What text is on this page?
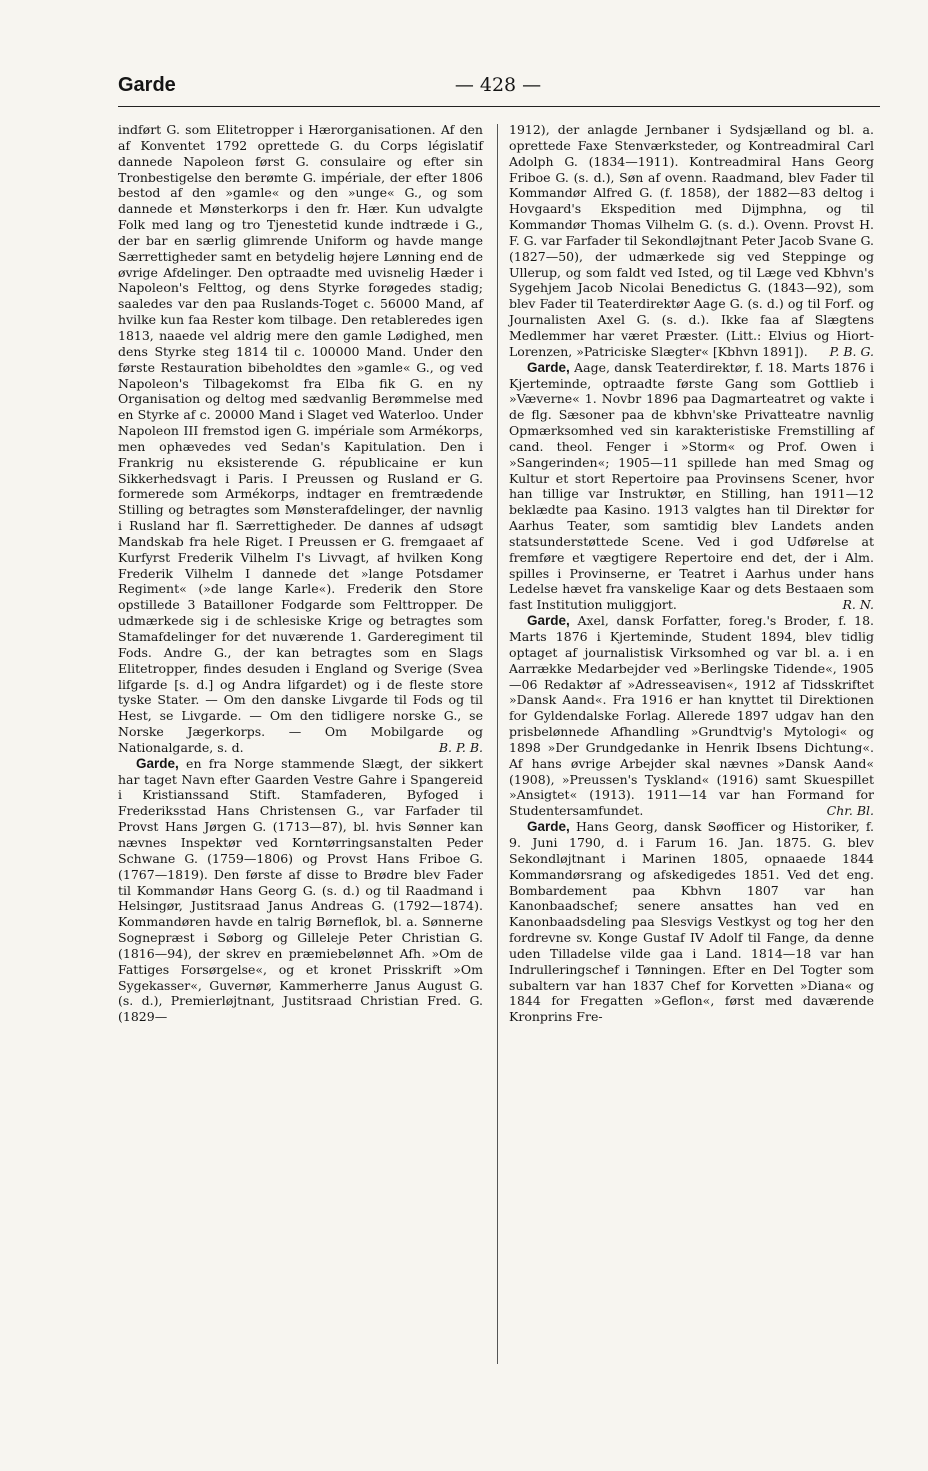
Garde	— 428 —

indført G. som Elitetropper i Hærorganisationen. Af den af Konventet 1792 oprettede G. du Corps législatif dannede Napoleon først G. consulaire og efter sin Tronbestigelse den berømte G. impériale, der efter 1806 bestod af den »gamle« og den »unge« G., og som dannede et Mønsterkorps i den fr. Hær. Kun udvalgte Folk med lang og tro Tjenestetid kunde indtræde i G., der bar en særlig glimrende Uniform og havde mange Særrettigheder samt en betydelig højere Lønning end de øvrige Afdelinger. Den optraadte med uvisnelig Hæder i Napoleon's Felttog, og dens Styrke forøgedes stadig; saaledes var den paa Ruslands-Toget c. 56000 Mand, af hvilke kun faa Rester kom tilbage. Den retableredes igen 1813, naaede vel aldrig mere den gamle Lødighed, men dens Styrke steg 1814 til c. 100000 Mand. Under den første Restauration bibeholdtes den »gamle« G., og ved Napoleon's Tilbagekomst fra Elba fik G. en ny Organisation og deltog med sædvanlig Berømmelse med en Styrke af c. 20000 Mand i Slaget ved Waterloo. Under Napoleon III fremstod igen G. impériale som Armékorps, men ophævedes ved Sedan's Kapitulation. Den i Frankrig nu eksisterende G. républicaine er kun Sikkerhedsvagt i Paris. I Preussen og Rusland er G. formerede som Armékorps, indtager en fremtrædende Stilling og betragtes som Mønsterafdelinger, der navnlig i Rusland har fl. Særrettigheder. De dannes af udsøgt Mandskab fra hele Riget. I Preussen er G. fremgaaet af Kurfyrst Frederik Vilhelm I's Livvagt, af hvilken Kong Frederik Vilhelm I dannede det »lange Potsdamer Regiment« (»de lange Karle«). Frederik den Store opstillede 3 Batailloner Fodgarde som Felttropper. De udmærkede sig i de schlesiske Krige og betragtes som Stamafdelinger for det nuværende 1. Garderegiment til Fods. Andre G., der kan betragtes som en Slags Elitetropper, findes desuden i England og Sverige (Svea lifgarde [s. d.] og Andra lifgardet) og i de fleste store tyske Stater. — Om den danske Livgarde til Fods og til Hest, se Livgarde. — Om den tidligere norske G., se Norske Jægerkorps. — Om Mobilgarde og Nationalgarde, s. d.	B. P. B.

Garde, en fra Norge stammende Slægt, der sikkert har taget Navn efter Gaarden Vestre Gahre i Spangereid i Kristianssand Stift. Stamfaderen, Byfoged i Frederiksstad Hans Christensen G., var Farfader til Provst Hans Jørgen G. (1713—87), bl. hvis Sønner kan nævnes Inspektør ved Korntørringsanstalten Peder Schwane G. (1759—1806) og Provst Hans Friboe G. (1767—1819). Den første af disse to Brødre blev Fader til Kommandør Hans Georg G. (s. d.) og til Raadmand i Helsingør, Justitsraad Janus Andreas G. (1792—1874). Kommandøren havde en talrig Børneflok, bl. a. Sønnerne Sognepræst i Søborg og Gilleleje Peter Christian G. (1816—94), der skrev en præmiebelønnet Afh. »Om de Fattiges Forsørgelse«, og et kronet Prisskrift »Om Sygekasser«, Guvernør, Kammerherre Janus August G. (s. d.), Premierløjtnant, Justitsraad Christian Fred. G. (1829—

1912), der anlagde Jernbaner i Sydsjælland og bl. a. oprettede Faxe Stenværksteder, og Kontreadmiral Carl Adolph G. (1834—1911). Kontreadmiral Hans Georg Friboe G. (s. d.), Søn af ovenn. Raadmand, blev Fader til Kommandør Alfred G. (f. 1858), der 1882—83 deltog i Hovgaard's Ekspedition med Dijmphna, og til Kommandør Thomas Vilhelm G. (s. d.). Ovenn. Provst H. F. G. var Farfader til Sekondløjtnant Peter Jacob Svane G. (1827—50), der udmærkede sig ved Steppinge og Ullerup, og som faldt ved Isted, og til Læge ved Kbhvn's Sygehjem Jacob Nicolai Benedictus G. (1843—92), som blev Fader til Teaterdirektør Aage G. (s. d.) og til Forf. og Journalisten Axel G. (s. d.). Ikke faa af Slægtens Medlemmer har været Præster. (Litt.: Elvius og Hiort-Lorenzen, »Patriciske Slægter« [Kbhvn 1891]). P. B. G.

Garde, Aage, dansk Teaterdirektør, f. 18. Marts 1876 i Kjerteminde, optraadte første Gang som Gottlieb i »Væverne« 1. Novbr 1896 paa Dagmarteatret og vakte i de flg. Sæsoner paa de kbhvn'ske Privatteatre navnlig Opmærksomhed ved sin karakteristiske Fremstilling af cand. theol. Fenger i »Storm« og Prof. Owen i »Sangerinden«; 1905—11 spillede han med Smag og Kultur et stort Repertoire paa Provinsens Scener, hvor han tillige var Instruktør, en Stilling, han 1911—12 beklædte paa Kasino. 1913 valgtes han til Direktør for Aarhus Teater, som samtidig blev Landets anden statsunderstøttede Scene. Ved i god Udførelse at fremføre et vægtigere Repertoire end det, der i Alm. spilles i Provinserne, er Teatret i Aarhus under hans Ledelse hævet fra vanskelige Kaar og dets Bestaaen som fast Institution muliggjort.	R. N.

Garde, Axel, dansk Forfatter, foreg.'s Broder, f. 18. Marts 1876 i Kjerteminde, Student 1894, blev tidlig optaget af journalistisk Virksomhed og var bl. a. i en Aarrække Medarbejder ved »Berlingske Tidende«, 1905—06 Redaktør af »Adresseavisen«, 1912 af Tidsskriftet »Dansk Aand«. Fra 1916 er han knyttet til Direktionen for Gyldendalske Forlag. Allerede 1897 udgav han den prisbelønnede Afhandling »Grundtvig's Mytologi« og 1898 »Der Grundgedanke in Henrik Ibsens Dichtung«. Af hans øvrige Arbejder skal nævnes »Dansk Aand« (1908), »Preussen's Tyskland« (1916) samt Skuespillet »Ansigtet« (1913). 1911—14 var han Formand for Studentersamfundet.	Chr. Bl.

Garde, Hans Georg, dansk Søofficer og Historiker, f. 9. Juni 1790, d. i Farum 16. Jan. 1875. G. blev Sekondløjtnant i Marinen 1805, opnaaede 1844 Kommandørsrang og afskedigedes 1851. Ved det eng. Bombardement paa Kbhvn 1807 var han Kanonbaadschef; senere ansattes han ved en Kanonbaadsdeling paa Slesvigs Vestkyst og tog her den fordrevne sv. Konge Gustaf IV Adolf til Fange, da denne uden Tilladelse vilde gaa i Land. 1814—18 var han Indrulleringschef i Tønningen. Efter en Del Togter som subaltern var han 1837 Chef for Korvetten »Diana« og 1844 for Fregatten »Geflon«, først med daværende Kronprins Fre-
